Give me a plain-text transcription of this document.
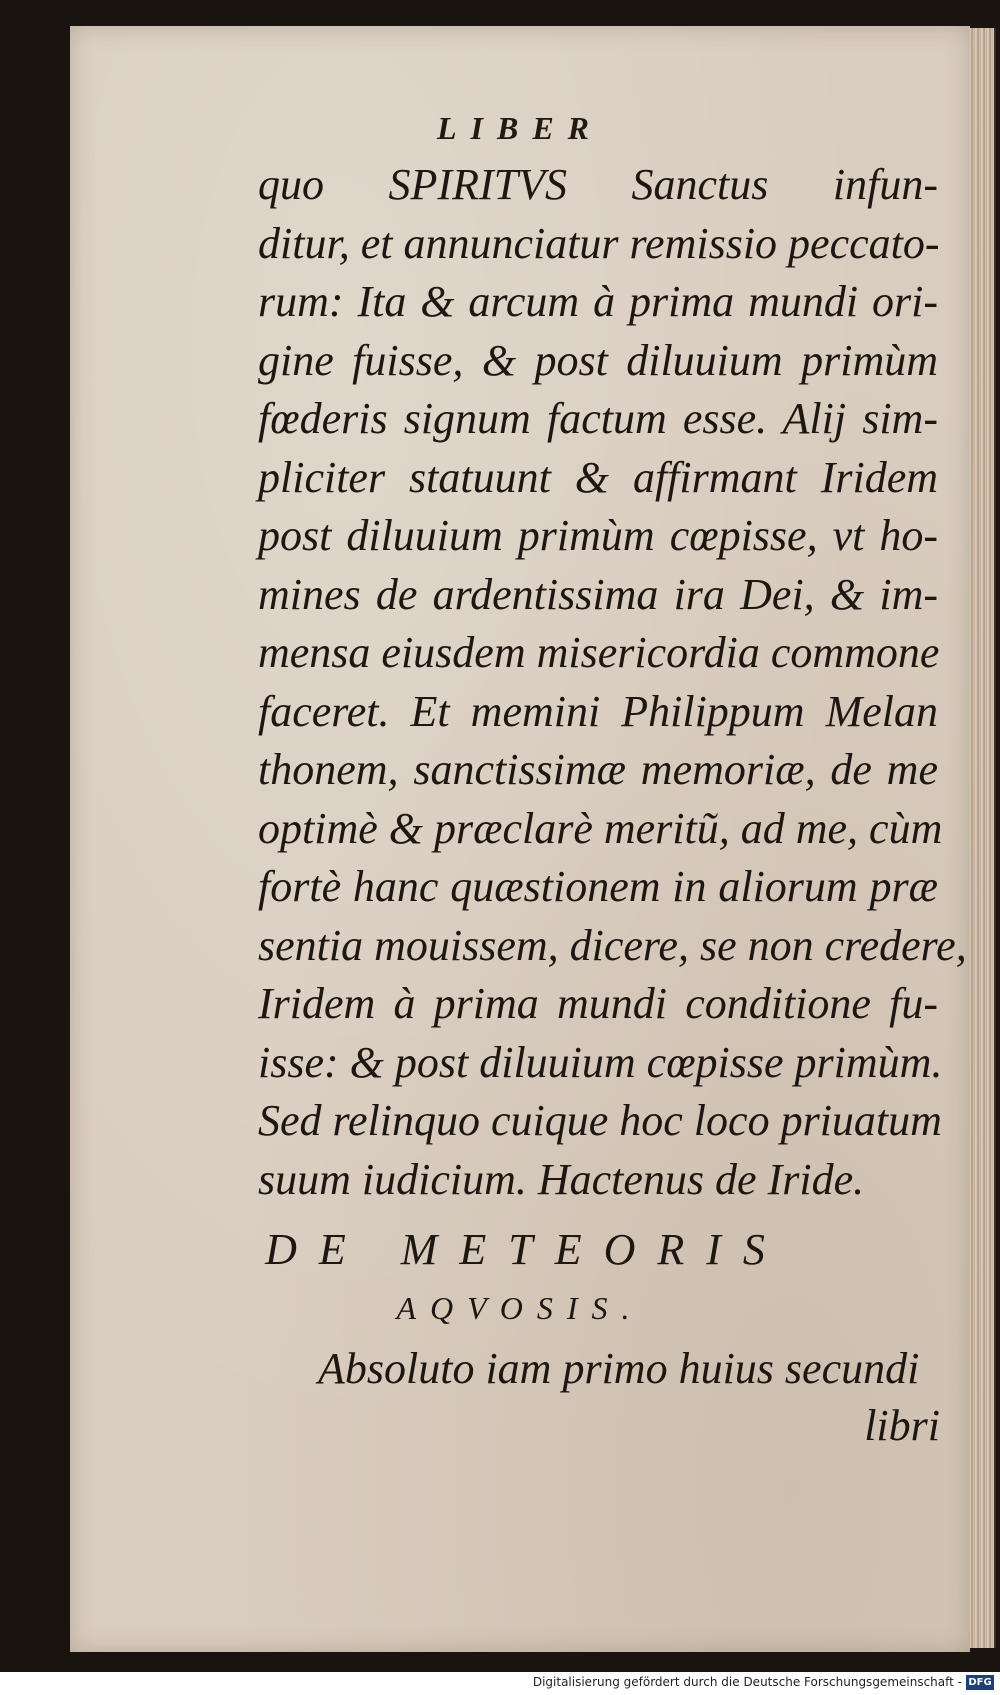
LIBER
quo SPIRITVS Sanctus infun-
ditur, et annunciatur remissio peccato-
rum: Ita & arcum à prima mundi ori-
gine fuisse, & post diluuium primùm
fœderis signum factum esse. Alij sim-
pliciter statuunt & affirmant Iridem
post diluuium primùm cœpisse, vt ho-
mines de ardentissima ira Dei, & im-
mensa eiusdem misericordia commone
faceret. Et memini Philippum Melan
thonem, sanctissimæ memoriæ, de me
optimè & præclarè meritũ, ad me, cùm
fortè hanc quæstionem in aliorum præ
sentia mouissem, dicere, se non credere,
Iridem à prima mundi conditione fu-
isse: & post diluuium cœpisse primùm.
Sed relinquo cuique hoc loco priuatum
suum iudicium. Hactenus de Iride.
DE METEORIS
AQVOSIS.
Absoluto iam primo huius secundi
libri
Digitalisierung gefördert durch die Deutsche Forschungsgemeinschaft - DFG
